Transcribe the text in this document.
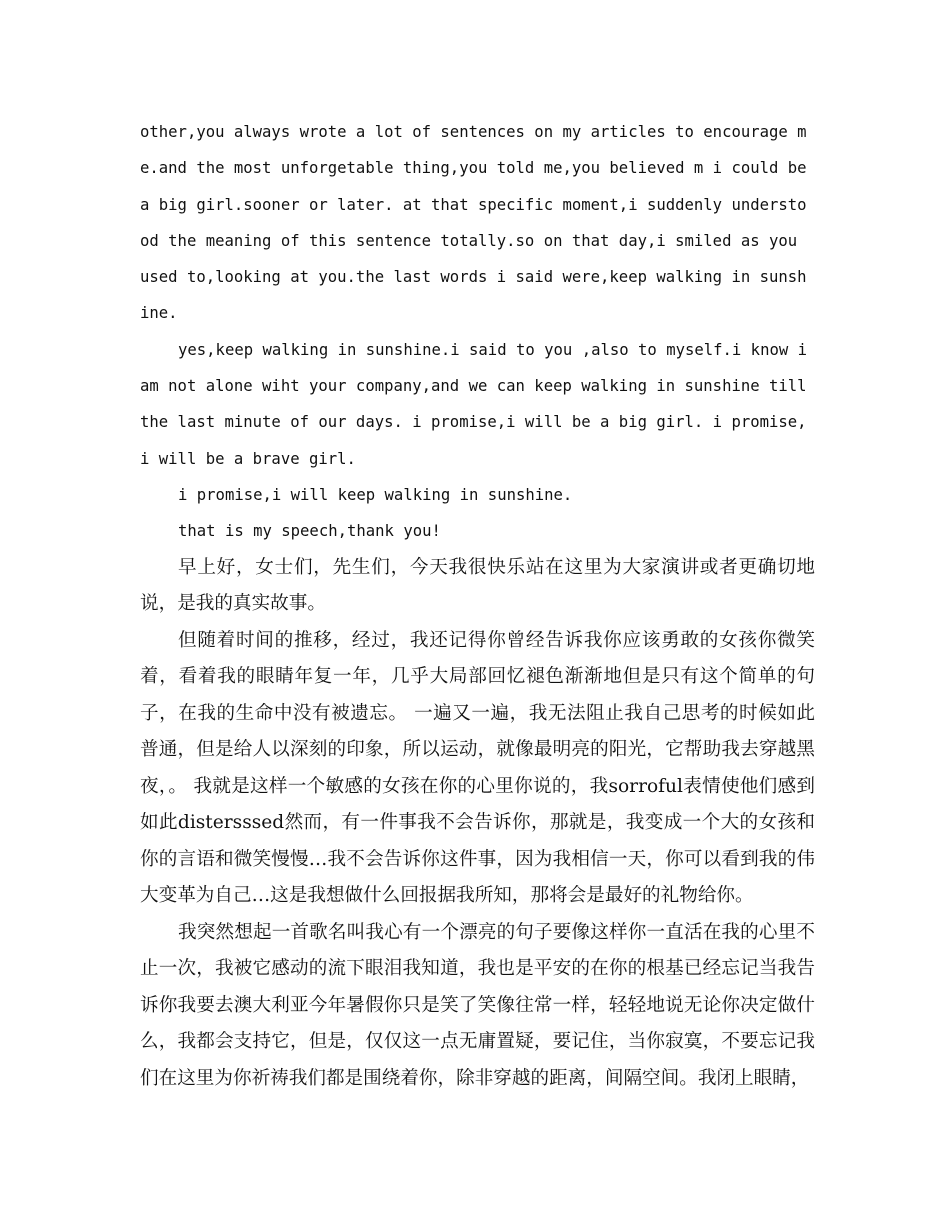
other,you always wrote a lot of sentences on my articles to encourage me.and the most unforgetable thing,you told me,you believed m i could be a big girl.sooner or later. at that specific moment,i suddenly understood the meaning of this sentence totally.so on that day,i smiled as you used to,looking at you.the last words i said were,keep walking in sunshine.

yes,keep walking in sunshine.i said to you ,also to myself.i know i am not alone wiht your company,and we can keep walking in sunshine till the last minute of our days. i promise,i will be a big girl. i promise,i will be a brave girl.

i promise,i will keep walking in sunshine.

that is my speech,thank you!

早上好，女士们，先生们，今天我很快乐站在这里为大家演讲或者更确切地说，是我的真实故事。

但随着时间的推移，经过，我还记得你曾经告诉我你应该勇敢的女孩你微笑着，看着我的眼睛年复一年，几乎大局部回忆褪色渐渐地但是只有这个简单的句子，在我的生命中没有被遗忘。 一遍又一遍，我无法阻止我自己思考的时候如此普通，但是给人以深刻的印象，所以运动，就像最明亮的阳光，它帮助我去穿越黑夜，。 我就是这样一个敏感的女孩在你的心里你说的，我sorroful表情使他们感到如此distersssed然而，有一件事我不会告诉你，那就是，我变成一个大的女孩和你的言语和微笑慢慢…我不会告诉你这件事，因为我相信一天，你可以看到我的伟大变革为自己…这是我想做什么回报据我所知，那将会是最好的礼物给你。

我突然想起一首歌名叫我心有一个漂亮的句子要像这样你一直活在我的心里不止一次，我被它感动的流下眼泪我知道，我也是平安的在你的根基已经忘记当我告诉你我要去澳大利亚今年暑假你只是笑了笑像往常一样，轻轻地说无论你决定做什么，我都会支持它，但是，仅仅这一点无庸置疑，要记住，当你寂寞，不要忘记我们在这里为你祈祷我们都是围绕着你，除非穿越的距离，间隔空间。我闭上眼睛，
